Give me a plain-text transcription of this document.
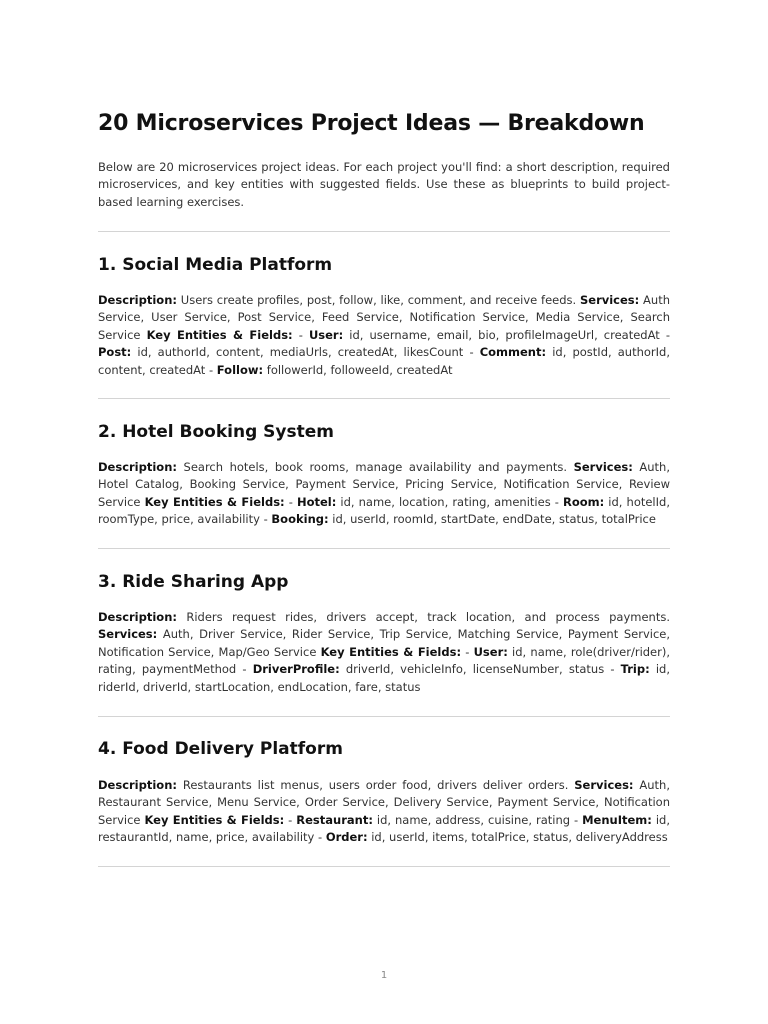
20 Microservices Project Ideas — Breakdown

Below are 20 microservices project ideas. For each project you'll find: a short description, required microservices, and key entities with suggested fields. Use these as blueprints to build project-based learning exercises.

1. Social Media Platform

Description: Users create profiles, post, follow, like, comment, and receive feeds. Services: Auth Service, User Service, Post Service, Feed Service, Notification Service, Media Service, Search Service Key Entities & Fields: - User: id, username, email, bio, profileImageUrl, createdAt - Post: id, authorId, content, mediaUrls, createdAt, likesCount - Comment: id, postId, authorId, content, createdAt - Follow: followerId, followeeId, createdAt

2. Hotel Booking System

Description: Search hotels, book rooms, manage availability and payments. Services: Auth, Hotel Catalog, Booking Service, Payment Service, Pricing Service, Notification Service, Review Service Key Entities & Fields: - Hotel: id, name, location, rating, amenities - Room: id, hotelId, roomType, price, availability - Booking: id, userId, roomId, startDate, endDate, status, totalPrice

3. Ride Sharing App

Description: Riders request rides, drivers accept, track location, and process payments. Services: Auth, Driver Service, Rider Service, Trip Service, Matching Service, Payment Service, Notification Service, Map/Geo Service Key Entities & Fields: - User: id, name, role(driver/rider), rating, paymentMethod - DriverProfile: driverId, vehicleInfo, licenseNumber, status - Trip: id, riderId, driverId, startLocation, endLocation, fare, status

4. Food Delivery Platform

Description: Restaurants list menus, users order food, drivers deliver orders. Services: Auth, Restaurant Service, Menu Service, Order Service, Delivery Service, Payment Service, Notification Service Key Entities & Fields: - Restaurant: id, name, address, cuisine, rating - MenuItem: id, restaurantId, name, price, availability - Order: id, userId, items, totalPrice, status, deliveryAddress

1
